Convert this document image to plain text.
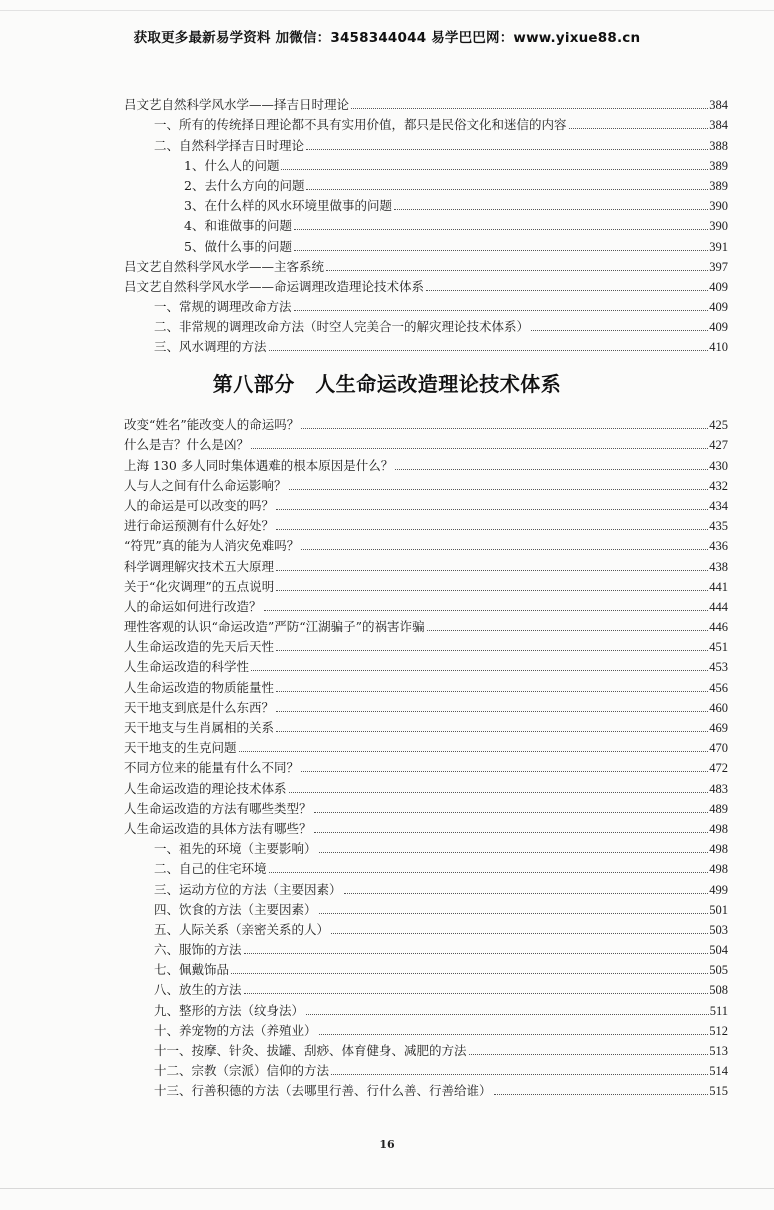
获取更多最新易学资料 加微信：3458344044 易学巴巴网：www.yixue88.cn
吕文艺自然科学风水学——择吉日时理论	384
一、所有的传统择日理论都不具有实用价值，都只是民俗文化和迷信的内容	384
二、自然科学择吉日时理论	388
1、什么人的问题	389
2、去什么方向的问题	389
3、在什么样的风水环境里做事的问题	390
4、和谁做事的问题	390
5、做什么事的问题	391
吕文艺自然科学风水学——主客系统	397
吕文艺自然科学风水学——命运调理改造理论技术体系	409
一、常规的调理改命方法	409
二、非常规的调理改命方法（时空人完美合一的解灾理论技术体系）	409
三、风水调理的方法	410
第八部分　人生命运改造理论技术体系
改变“姓名”能改变人的命运吗？	425
什么是吉？什么是凶？	427
上海 130 多人同时集体遇难的根本原因是什么？	430
人与人之间有什么命运影响？	432
人的命运是可以改变的吗？	434
进行命运预测有什么好处？	435
“符咒”真的能为人消灾免难吗？	436
科学调理解灾技术五大原理	438
关于“化灾调理”的五点说明	441
人的命运如何进行改造？	444
理性客观的认识“命运改造”严防“江湖骗子”的祸害诈骗	446
人生命运改造的先天后天性	451
人生命运改造的科学性	453
人生命运改造的物质能量性	456
天干地支到底是什么东西？	460
天干地支与生肖属相的关系	469
天干地支的生克问题	470
不同方位来的能量有什么不同？	472
人生命运改造的理论技术体系	483
人生命运改造的方法有哪些类型？	489
人生命运改造的具体方法有哪些？	498
一、祖先的环境（主要影响）	498
二、自己的住宅环境	498
三、运动方位的方法（主要因素）	499
四、饮食的方法（主要因素）	501
五、人际关系（亲密关系的人）	503
六、服饰的方法	504
七、佩戴饰品	505
八、放生的方法	508
九、整形的方法（纹身法）	511
十、养宠物的方法（养殖业）	512
十一、按摩、针灸、拔罐、刮痧、体育健身、减肥的方法	513
十二、宗教（宗派）信仰的方法	514
十三、行善积德的方法（去哪里行善、行什么善、行善给谁）	515
16
